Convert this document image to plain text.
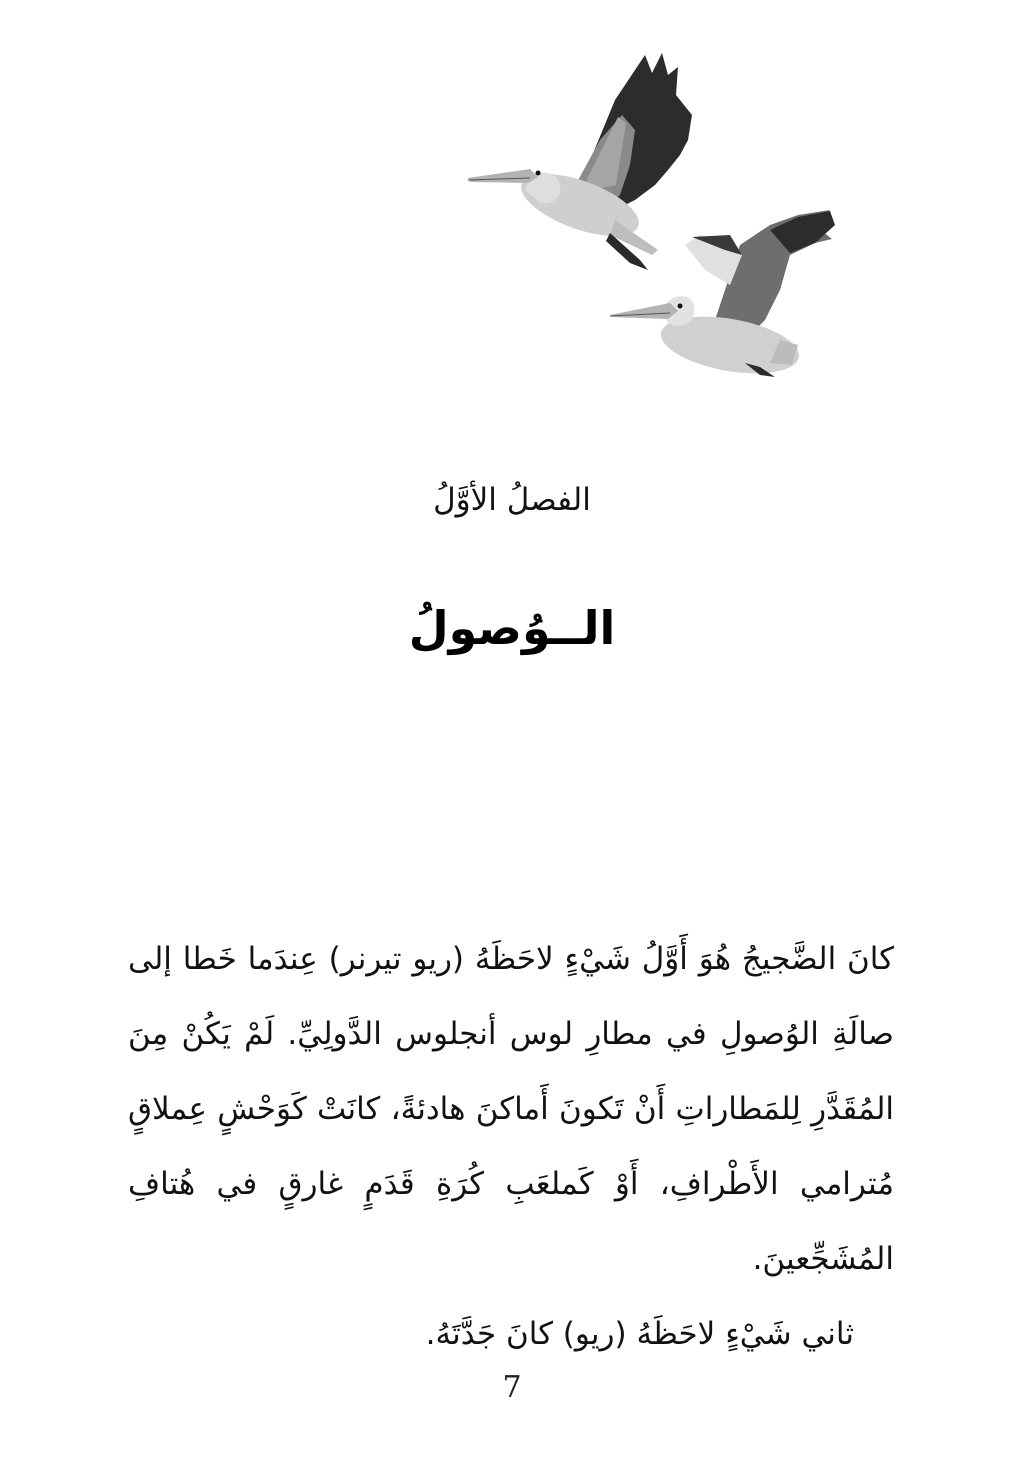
الفصلُ الأوَّلُ
الــوُصولُ

كانَ الضَّجيجُ هُوَ أَوَّلُ شَيْءٍ لاحَظَهُ (ريو تيرنر) عِندَما خَطا إلى صالَةِ الوُصولِ في مطارِ لوس أنجلوس الدَّولِيِّ. لَمْ يَكُنْ مِنَ المُقَدَّرِ لِلمَطاراتِ أَنْ تَكونَ أَماكنَ هادئةً، كانَتْ كَوَحْشٍ عِملاقٍ مُترامي الأَطْرافِ، أَوْ كَملعَبِ كُرَةِ قَدَمٍ غارقٍ في هُتافِ المُشَجِّعينَ.

ثاني شَيْءٍ لاحَظَهُ (ريو) كانَ جَدَّتَهُ.

7
